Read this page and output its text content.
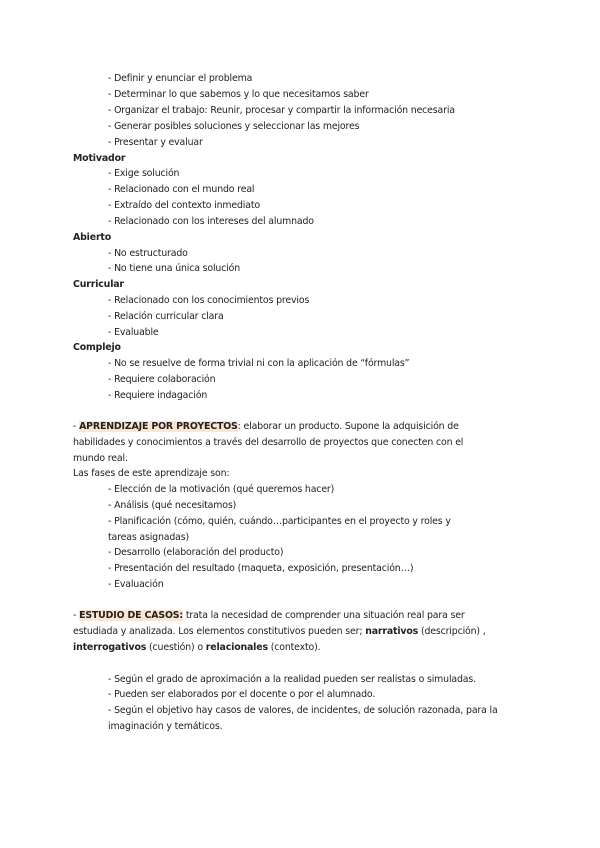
- Definir y enunciar el problema
- Determinar lo que sabemos y lo que necesitamos saber
- Organizar el trabajo: Reunir, procesar y compartir la información necesaria
- Generar posibles soluciones y seleccionar las mejores
- Presentar y evaluar
Motivador
- Exige solución
- Relacionado con el mundo real
- Extraído del contexto inmediato
- Relacionado con los intereses del alumnado
Abierto
- No estructurado
- No tiene una única solución
Curricular
- Relacionado con los conocimientos previos
- Relación curricular clara
- Evaluable
Complejo
- No se resuelve de forma trivial ni con la aplicación de “fórmulas”
- Requiere colaboración
- Requiere indagación
- APRENDIZAJE POR PROYECTOS: elaborar un producto. Supone la adquisición de
habilidades y conocimientos a través del desarrollo de proyectos que conecten con el
mundo real.
Las fases de este aprendizaje son:
- Elección de la motivación (qué queremos hacer)
- Análisis (qué necesitamos)
- Planificación (cómo, quién, cuándo…participantes en el proyecto y roles y
tareas asignadas)
- Desarrollo (elaboración del producto)
- Presentación del resultado (maqueta, exposición, presentación…)
- Evaluación
- ESTUDIO DE CASOS: trata la necesidad de comprender una situación real para ser
estudiada y analizada. Los elementos constitutivos pueden ser; narrativos (descripción) ,
interrogativos (cuestión) o relacionales (contexto).
- Según el grado de aproximación a la realidad pueden ser realistas o simuladas.
- Pueden ser elaborados por el docente o por el alumnado.
- Según el objetivo hay casos de valores, de incidentes, de solución razonada, para la
imaginación y temáticos.
